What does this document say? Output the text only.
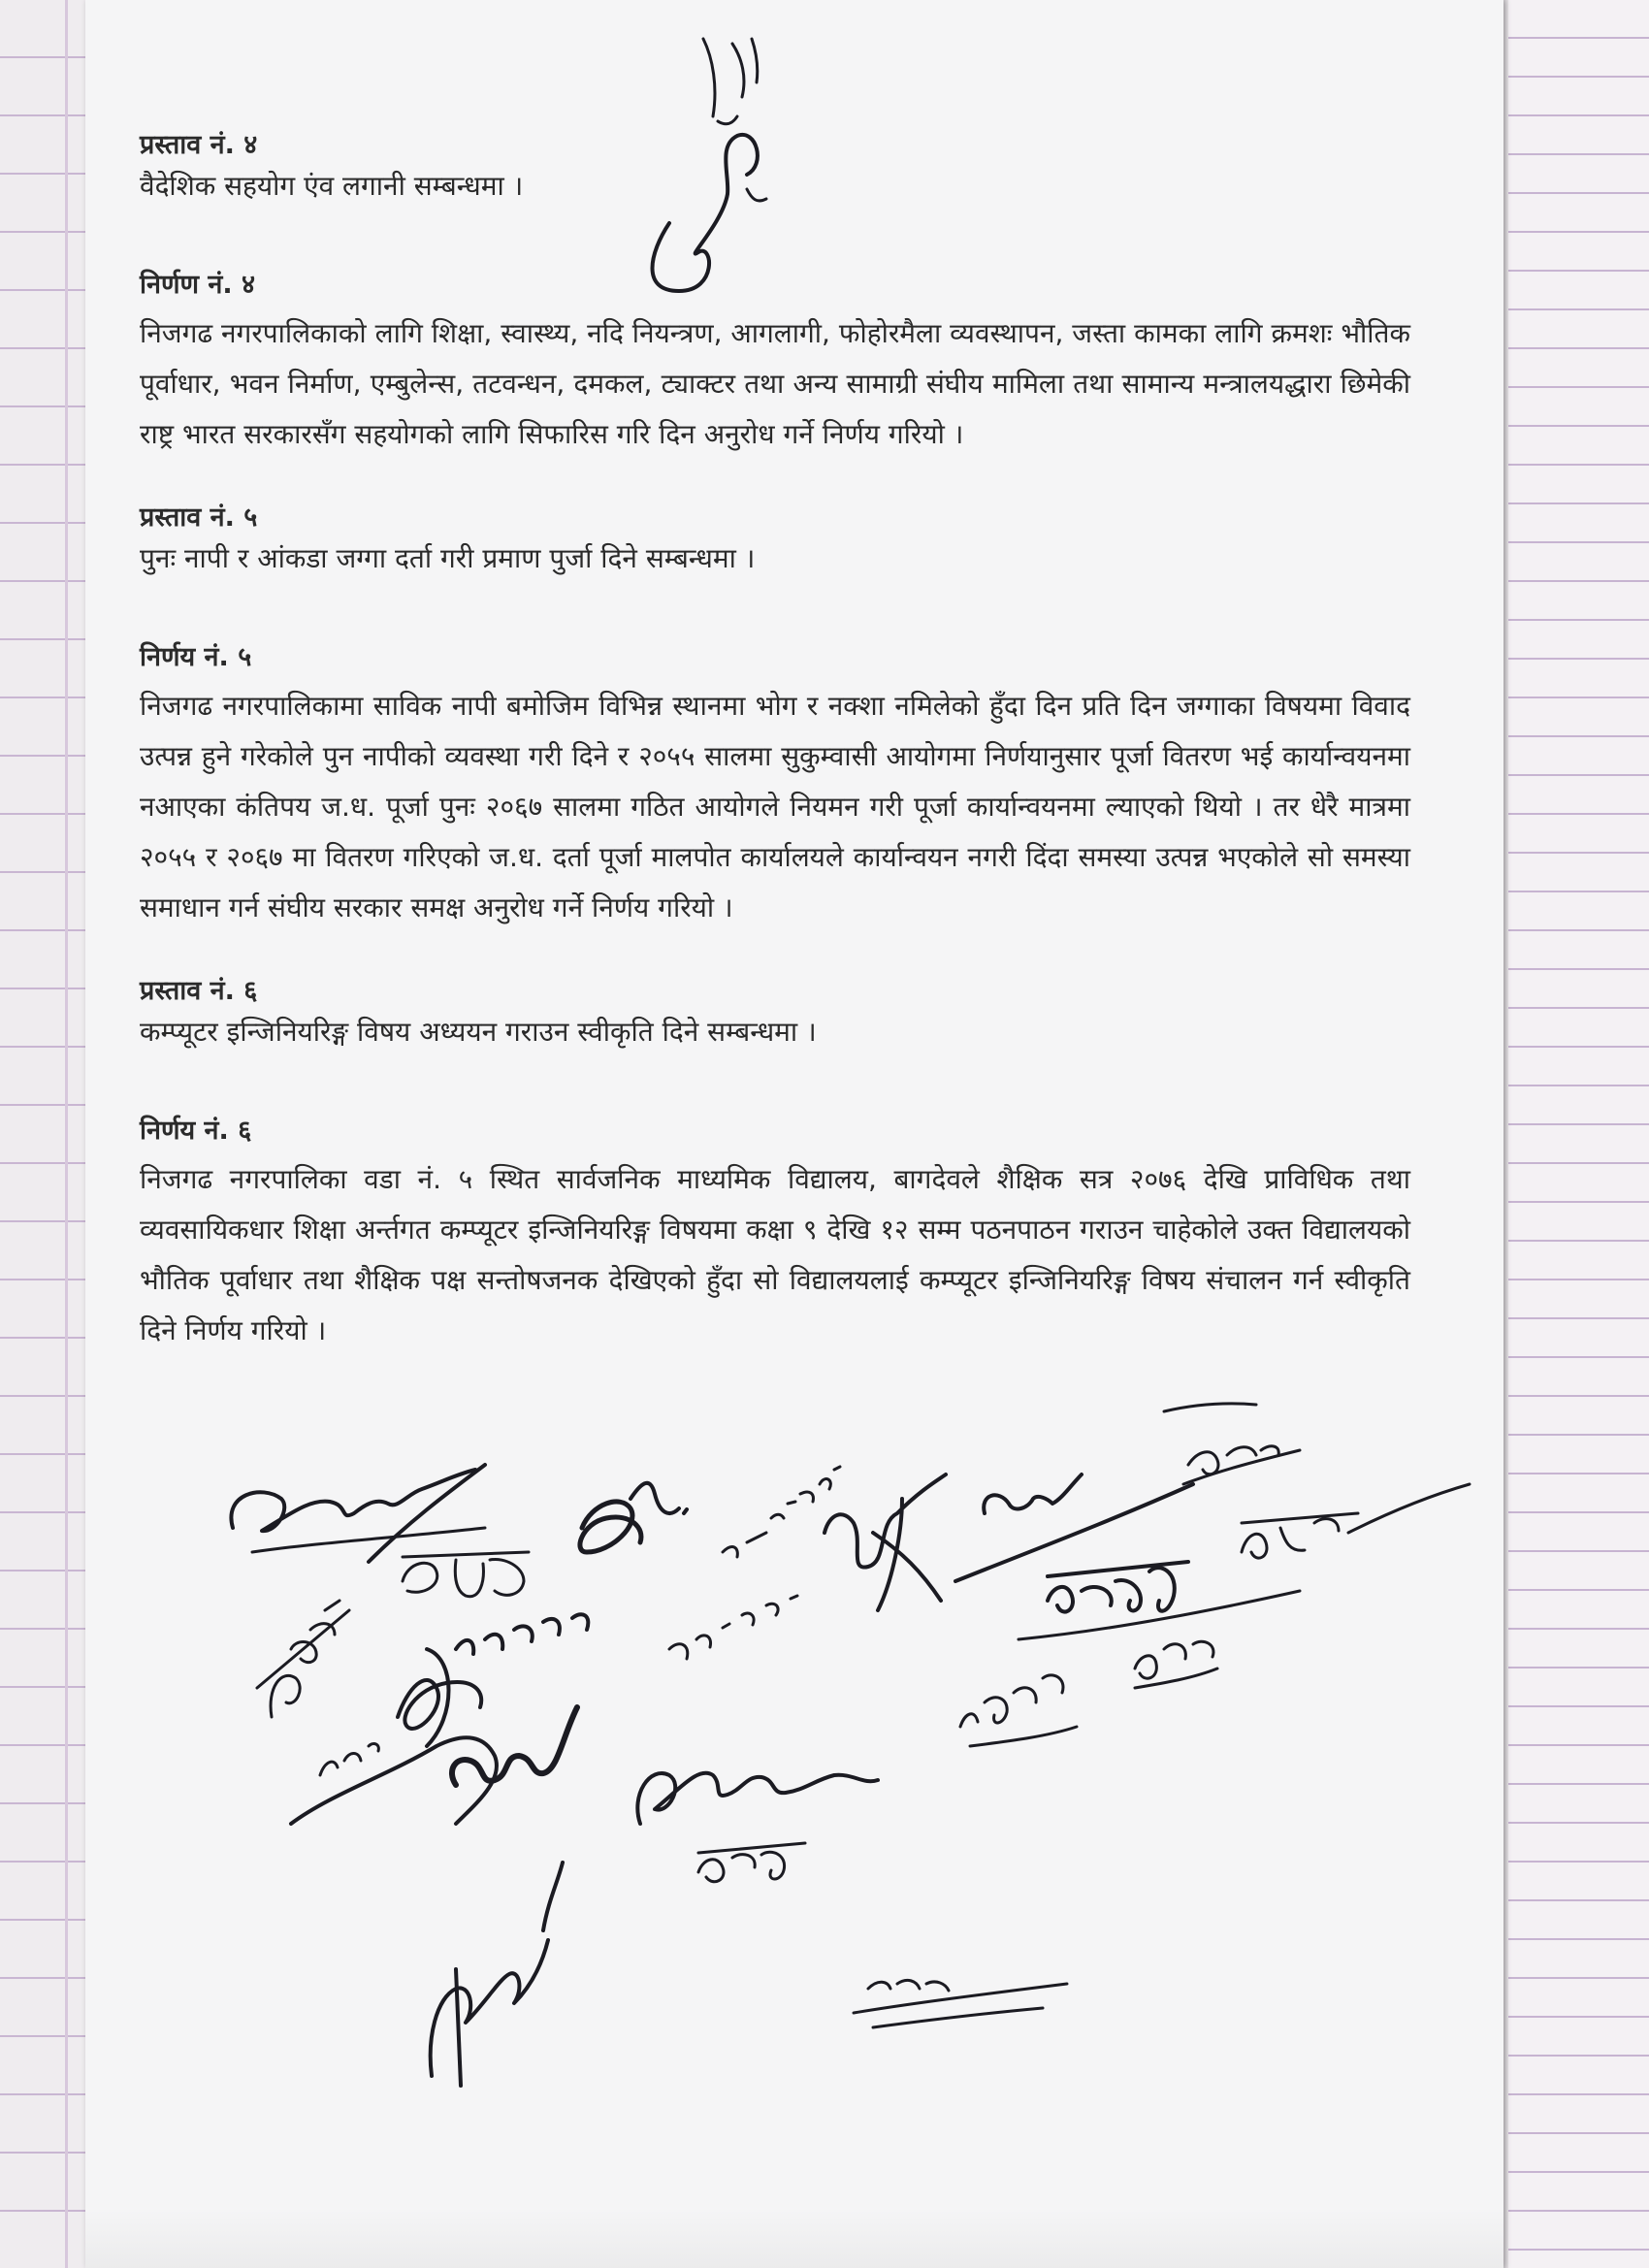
प्रस्ताव नं. ४

वैदेशिक सहयोग एंव लगानी सम्बन्धमा ।

निर्णण नं. ४

निजगढ नगरपालिकाको लागि शिक्षा, स्वास्थ्य, नदि नियन्त्रण, आगलागी, फोहोरमैला व्यवस्थापन, जस्ता कामका लागि क्रमशः भौतिक पूर्वाधार, भवन निर्माण, एम्बुलेन्स, तटवन्धन, दमकल, ट्याक्टर तथा अन्य सामाग्री संघीय मामिला तथा सामान्य मन्त्रालयद्धारा छिमेकी राष्ट्र भारत सरकारसँग सहयोगको लागि सिफारिस गरि दिन अनुरोध गर्ने निर्णय गरियो ।

प्रस्ताव नं. ५

पुनः नापी र आंकडा जग्गा दर्ता गरी प्रमाण पुर्जा दिने सम्बन्धमा ।

निर्णय नं. ५

निजगढ नगरपालिकामा साविक नापी बमोजिम विभिन्न स्थानमा भोग र नक्शा नमिलेको हुँदा दिन प्रति दिन जग्गाका विषयमा विवाद उत्पन्न हुने गरेकोले पुन नापीको व्यवस्था गरी दिने र २०५५ सालमा सुकुम्वासी आयोगमा निर्णयानुसार पूर्जा वितरण भई कार्यान्वयनमा नआएका कंतिपय ज.ध. पूर्जा पुनः २०६७ सालमा गठित आयोगले नियमन गरी पूर्जा कार्यान्वयनमा ल्याएको थियो । तर धेरै मात्रमा २०५५ र २०६७ मा वितरण गरिएको ज.ध. दर्ता पूर्जा मालपोत कार्यालयले कार्यान्वयन नगरी दिंदा समस्या उत्पन्न भएकोले सो समस्या समाधान गर्न संघीय सरकार समक्ष अनुरोध गर्ने निर्णय गरियो ।

प्रस्ताव नं. ६

कम्प्यूटर इन्जिनियरिङ्ग विषय अध्ययन गराउन स्वीकृति दिने सम्बन्धमा ।

निर्णय नं. ६

निजगढ नगरपालिका वडा नं. ५ स्थित सार्वजनिक माध्यमिक विद्यालय, बागदेवले शैक्षिक सत्र २०७६ देखि प्राविधिक तथा व्यवसायिकधार शिक्षा अर्न्तगत कम्प्यूटर इन्जिनियरिङ्ग विषयमा कक्षा ९ देखि १२ सम्म पठनपाठन गराउन चाहेकोले उक्त विद्यालयको भौतिक पूर्वाधार तथा शैक्षिक पक्ष सन्तोषजनक देखिएको हुँदा सो विद्यालयलाई कम्प्यूटर इन्जिनियरिङ्ग विषय संचालन गर्न स्वीकृति दिने निर्णय गरियो ।
